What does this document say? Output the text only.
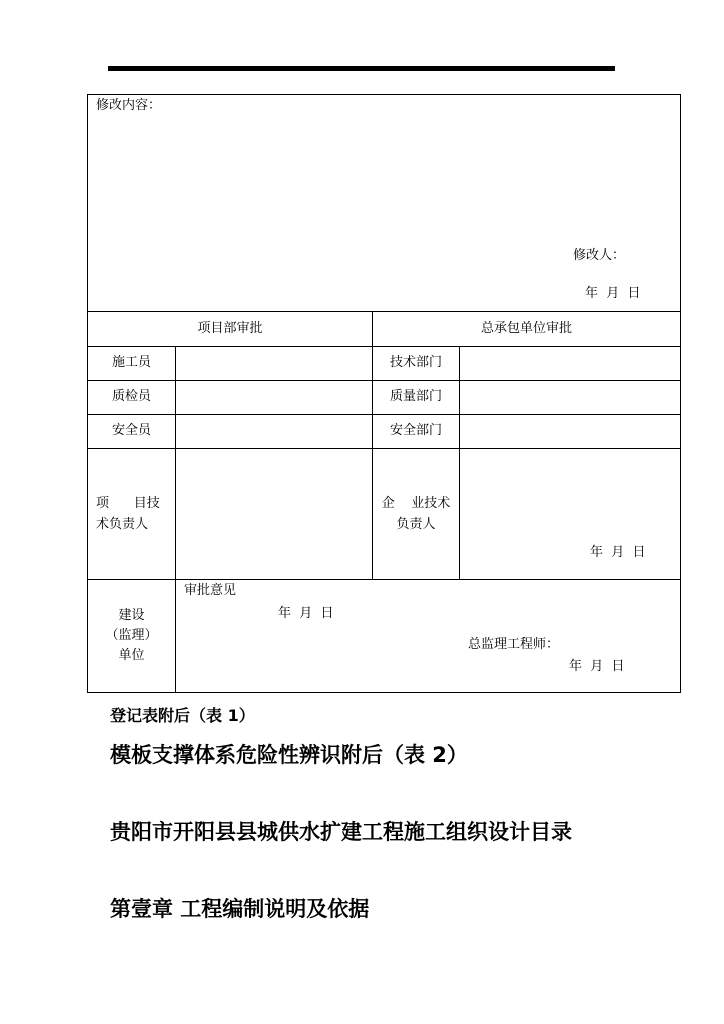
修改内容：
修改人：
年  月  日			

项目部审批		总承包单位审批	
施工员		技术部门	
质检员		质量部门	
安全员		安全部门	
项      目技
术负责人		企    业技术
负责人	年  月  日

建设
（监理）
单位	审批意见
年  月  日
总监理工程师：
年  月  日		
登记表附后（表 1）
模板支撑体系危险性辨识附后（表 2）
贵阳市开阳县县城供水扩建工程施工组织设计目录
第壹章 工程编制说明及依据
